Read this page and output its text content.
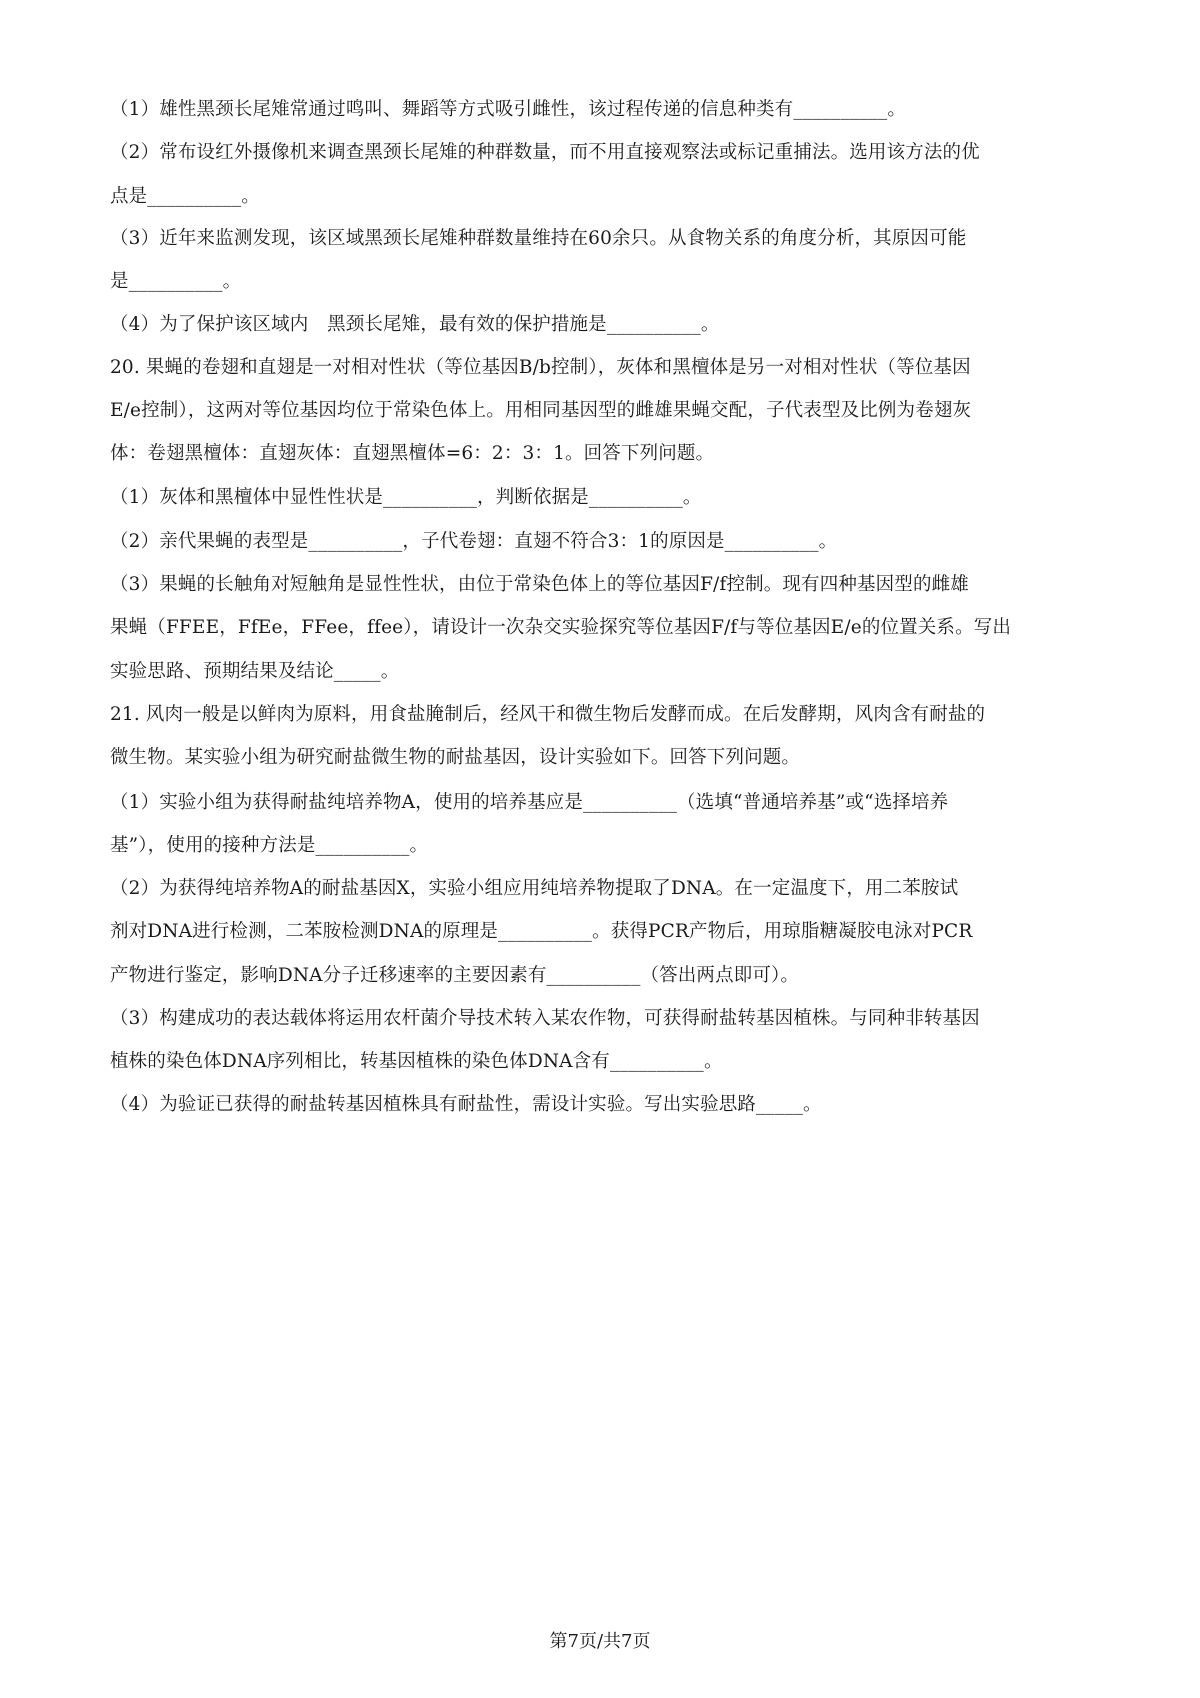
（1）雄性黑颈长尾雉常通过鸣叫、舞蹈等方式吸引雌性，该过程传递的信息种类有__________。
（2）常布设红外摄像机来调查黑颈长尾雉的种群数量，而不用直接观察法或标记重捕法。选用该方法的优
点是__________。
（3）近年来监测发现，该区域黑颈长尾雉种群数量维持在60余只。从食物关系的角度分析，其原因可能
是__________。
（4）为了保护该区域内　黑颈长尾雉，最有效的保护措施是__________。
20. 果蝇的卷翅和直翅是一对相对性状（等位基因B/b控制），灰体和黑檀体是另一对相对性状（等位基因
E/e控制），这两对等位基因均位于常染色体上。用相同基因型的雌雄果蝇交配，子代表型及比例为卷翅灰
体：卷翅黑檀体：直翅灰体：直翅黑檀体=6：2：3：1。回答下列问题。
（1）灰体和黑檀体中显性性状是__________，判断依据是__________。
（2）亲代果蝇的表型是__________，子代卷翅：直翅不符合3：1的原因是__________。
（3）果蝇的长触角对短触角是显性性状，由位于常染色体上的等位基因F/f控制。现有四种基因型的雌雄
果蝇（FFEE，FfEe，FFee，ffee），请设计一次杂交实验探究等位基因F/f与等位基因E/e的位置关系。写出
实验思路、预期结果及结论_____。
21. 风肉一般是以鲜肉为原料，用食盐腌制后，经风干和微生物后发酵而成。在后发酵期，风肉含有耐盐的
微生物。某实验小组为研究耐盐微生物的耐盐基因，设计实验如下。回答下列问题。
（1）实验小组为获得耐盐纯培养物A，使用的培养基应是__________（选填“普通培养基”或“选择培养
基”），使用的接种方法是__________。
（2）为获得纯培养物A的耐盐基因X，实验小组应用纯培养物提取了DNA。在一定温度下，用二苯胺试
剂对DNA进行检测，二苯胺检测DNA的原理是__________。获得PCR产物后，用琼脂糖凝胶电泳对PCR
产物进行鉴定，影响DNA分子迁移速率的主要因素有__________（答出两点即可）。
（3）构建成功的表达载体将运用农杆菌介导技术转入某农作物，可获得耐盐转基因植株。与同种非转基因
植株的染色体DNA序列相比，转基因植株的染色体DNA含有__________。
（4）为验证已获得的耐盐转基因植株具有耐盐性，需设计实验。写出实验思路_____。
第7页/共7页
